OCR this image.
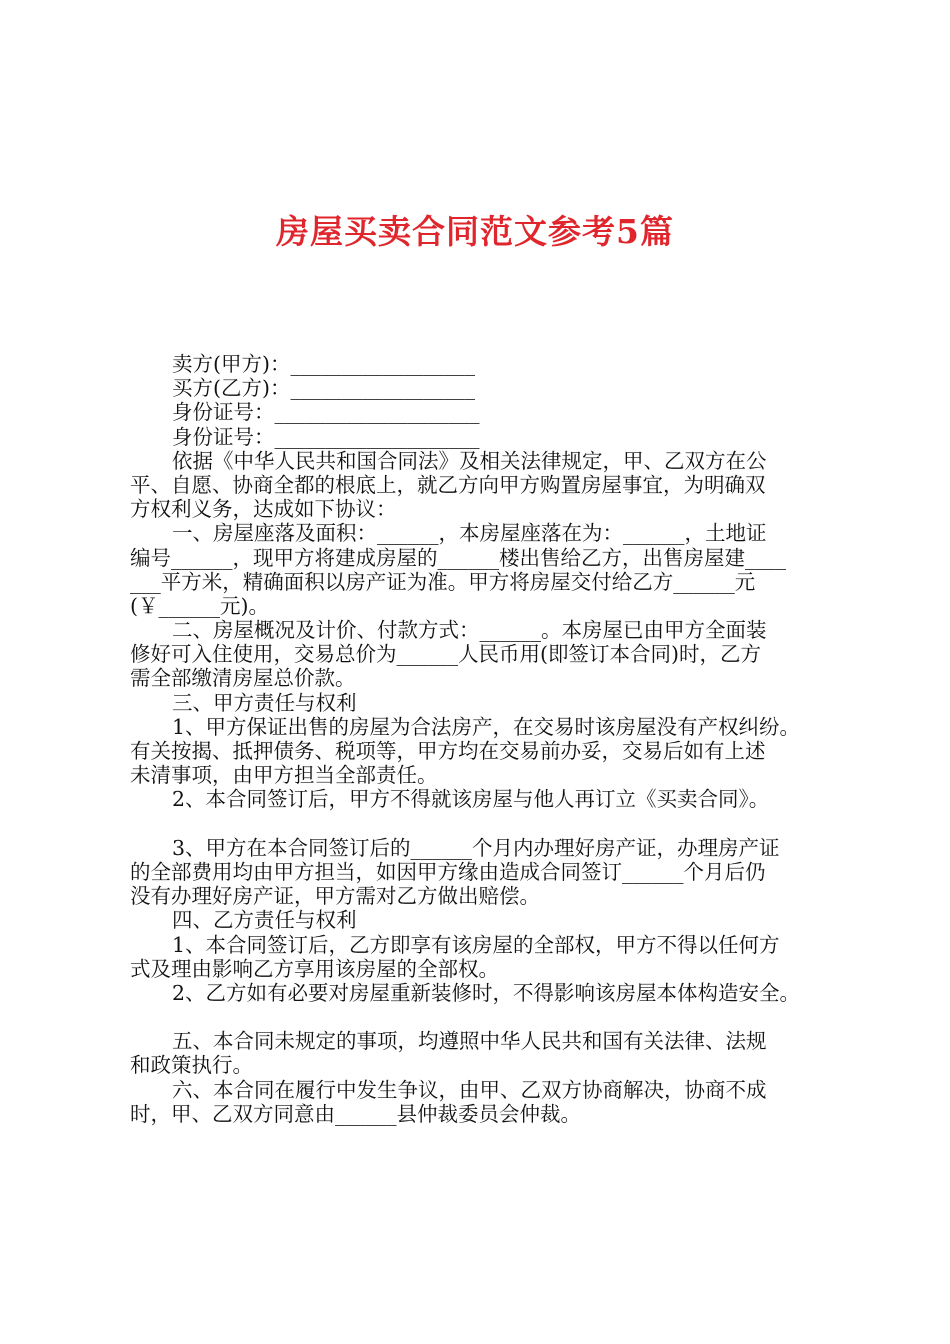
房屋买卖合同范文参考5篇
卖方(甲方)：__________________
买方(乙方)：__________________
身份证号：____________________
身份证号：____________________
依据《中华人民共和国合同法》及相关法律规定，甲、乙双方在公
平、自愿、协商全都的根底上，就乙方向甲方购置房屋事宜，为明确双
方权利义务，达成如下协议：
一、房屋座落及面积：______，本房屋座落在为：______，土地证
编号______，现甲方将建成房屋的______楼出售给乙方，出售房屋建____
___平方米，精确面积以房产证为准。甲方将房屋交付给乙方______元
(￥______元)。
二、房屋概况及计价、付款方式：______。本房屋已由甲方全面装
修好可入住使用，交易总价为______人民币用(即签订本合同)时，乙方
需全部缴清房屋总价款。
三、甲方责任与权利
1、甲方保证出售的房屋为合法房产，在交易时该房屋没有产权纠纷。
有关按揭、抵押债务、税项等，甲方均在交易前办妥，交易后如有上述
未清事项，由甲方担当全部责任。
2、本合同签订后，甲方不得就该房屋与他人再订立《买卖合同》。
3、甲方在本合同签订后的______个月内办理好房产证，办理房产证
的全部费用均由甲方担当，如因甲方缘由造成合同签订______个月后仍
没有办理好房产证，甲方需对乙方做出赔偿。
四、乙方责任与权利
1、本合同签订后，乙方即享有该房屋的全部权，甲方不得以任何方
式及理由影响乙方享用该房屋的全部权。
2、乙方如有必要对房屋重新装修时，不得影响该房屋本体构造安全。
五、本合同未规定的事项，均遵照中华人民共和国有关法律、法规
和政策执行。
六、本合同在履行中发生争议，由甲、乙双方协商解决，协商不成
时，甲、乙双方同意由______县仲裁委员会仲裁。
